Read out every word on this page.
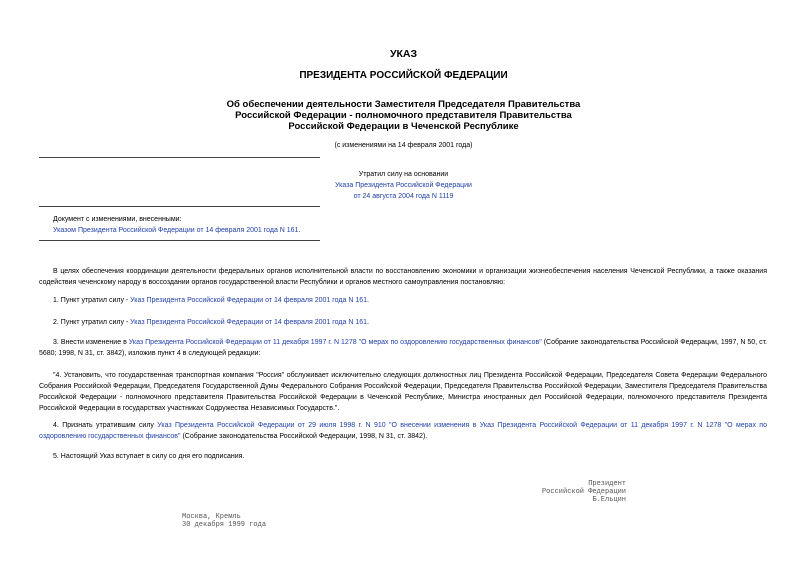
УКАЗ
ПРЕЗИДЕНТА РОССИЙСКОЙ ФЕДЕРАЦИИ
Об обеспечении деятельности Заместителя Председателя Правительства
Российской Федерации - полномочного представителя Правительства
Российской Федерации в Чеченской Республике
(с изменениями на 14 февраля 2001 года)
Утратил силу на основании
Указа Президента Российской Федерации
от 24 августа 2004 года N 1119
Документ с изменениями, внесенными:
Указом Президента Российской Федерации от 14 февраля 2001 года N 161.
В целях обеспечения координации деятельности федеральных органов исполнительной власти по восстановлению экономики и организации жизнеобеспечения населения Чеченской Республики, а также оказания содействия чеченскому народу в воссоздании органов государственной власти Республики и органов местного самоуправления постановляю:
1. Пункт утратил силу - Указ Президента Российской Федерации от 14 февраля 2001 года N 161.
2. Пункт утратил силу - Указ Президента Российской Федерации от 14 февраля 2001 года N 161.
3. Внести изменение в Указ Президента Российской Федерации от 11 декабря 1997 г. N 1278 "О мерах по оздоровлению государственных финансов" (Собрание законодательства Российской Федерации, 1997, N 50, ст. 5680; 1998, N 31, ст. 3842), изложив пункт 4 в следующей редакции:
"4. Установить, что государственная транспортная компания "Россия" обслуживает исключительно следующих должностных лиц Президента Российской Федерации, Председателя Совета Федерации Федерального Собрания Российской Федерации, Председателя Государственной Думы Федерального Собрания Российской Федерации, Председателя Правительства Российской Федерации, Заместителя Председателя Правительства Российской Федерации - полномочного представителя Правительства Российской Федерации в Чеченской Республике, Министра иностранных дел Российской Федерации, полномочного представителя Президента Российской Федерации в государствах участниках Содружества Независимых Государств.".
4. Признать утратившим силу Указ Президента Российской Федерации от 29 июля 1998 г. N 910 "О внесении изменения в Указ Президента Российской Федерации от 11 декабря 1997 г. N 1278 "О мерах по оздоровлению государственных финансов" (Собрание законодательства Российской Федерации, 1998, N 31, ст. 3842).
5. Настоящий Указ вступает в силу со дня его подписания.
Президент
Российской Федерации
Б.Ельцин
Москва, Кремль
30 декабря 1999 года
